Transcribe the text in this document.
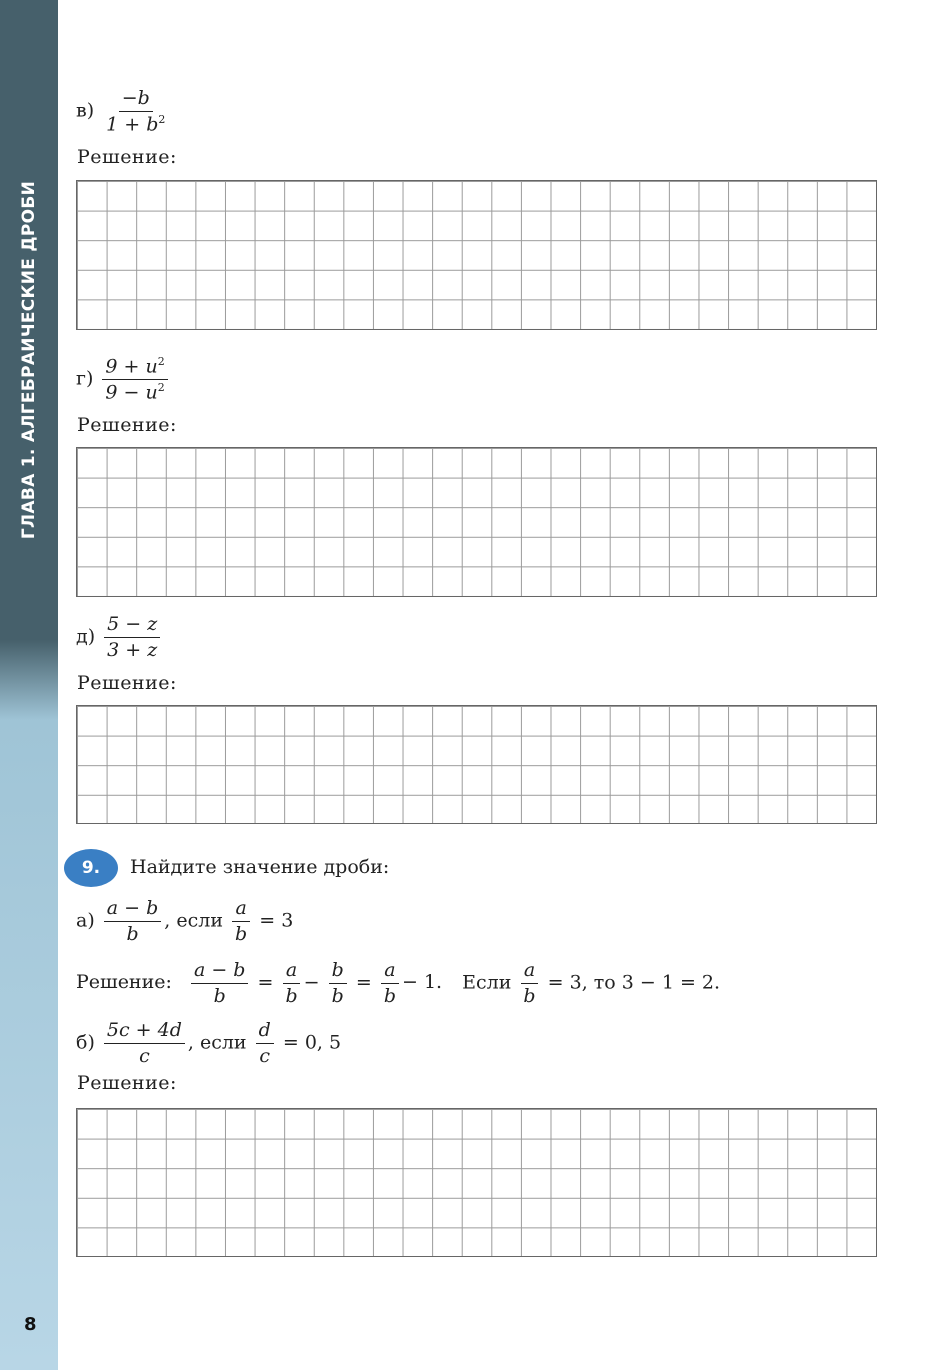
ГЛАВА 1. АЛГЕБРАИЧЕСКИЕ ДРОБИ
8
$в) \frac{-b}{1 + b^2}$
Решение:
$г) \frac{9 + u^2}{9 - u^2}$
Решение:
$д) \frac{5 - z}{3 + z}$
Решение:
9.	Найдите значение дроби:
$а) \frac{a - b}{b}$ , если $\frac{a}{b} = 3$
Решение: $\frac{a - b}{b} = \frac{a}{b} - \frac{b}{b} = \frac{a}{b} - 1$. Если $\frac{a}{b} = 3$, то 3 − 1 = 2.
$б) \frac{5c + 4d}{c}$ , если $\frac{d}{c} = 0$, 5
Решение:
